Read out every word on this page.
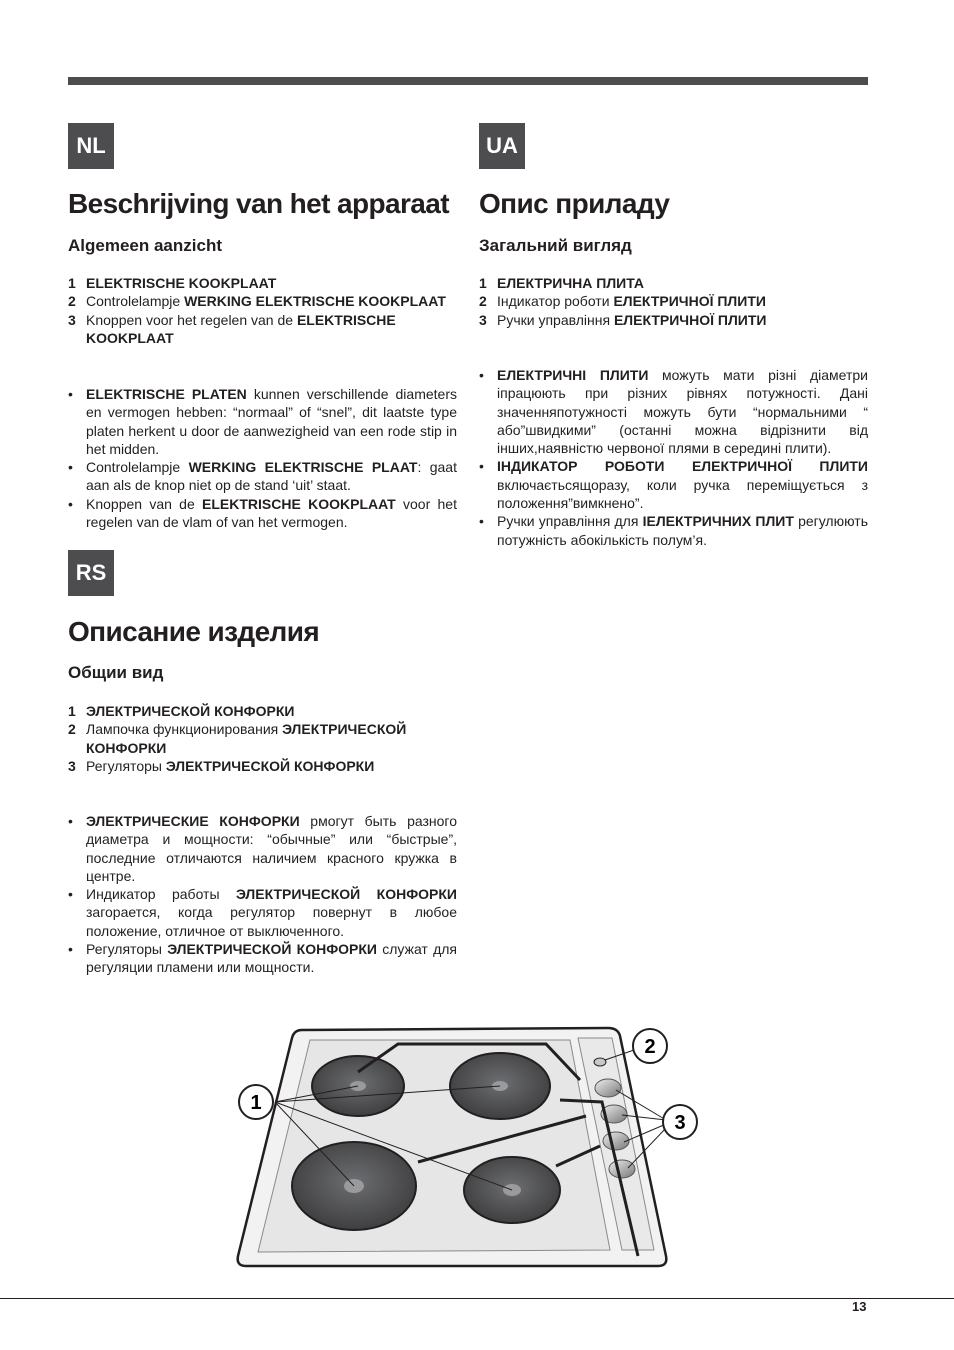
NL
Beschrijving van het apparaat
Algemeen aanzicht
1 ELEKTRISCHE KOOKPLAAT
2 Controlelampje WERKING ELEKTRISCHE KOOKPLAAT
3 Knoppen voor het regelen van de ELEKTRISCHE KOOKPLAAT
• ELEKTRISCHE PLATEN kunnen verschillende diameters en vermogen hebben: “normaal” of “snel”, dit laatste type platen herkent u door de aanwezigheid van een rode stip in het midden.
• Controlelampje WERKING ELEKTRISCHE PLAAT: gaat aan als de knop niet op de stand ‘uit’ staat.
• Knoppen van de ELEKTRISCHE KOOKPLAAT voor het regelen van de vlam of van het vermogen.
RS
Описание изделия
Общии вид
1 ЭЛЕКТРИЧЕСКОЙ КОНФОРКИ
2 Лампочка функционирования ЭЛЕКТРИЧЕСКОЙ КОНФОРКИ
3 Регуляторы ЭЛЕКТРИЧЕСКОЙ КОНФОРКИ
• ЭЛЕКТРИЧЕСКИЕ КОНФОРКИ рмогут быть разного диаметра и мощности: “обычные” или “быстрые”, последние отличаются наличием красного кружка в центре.
• Индикатор работы ЭЛЕКТРИЧЕСКОЙ КОНФОРКИ загорается, когда регулятор повернут в любое положение, отличное от выключенного.
• Регуляторы ЭЛЕКТРИЧЕСКОЙ КОНФОРКИ служат для регуляции пламени или мощности.
UA
Опис приладу
Загальний вигляд
1 ЕЛЕКТРИЧНА ПЛИТА
2 Індикатор роботи ЕЛЕКТРИЧНОЇ ПЛИТИ
3 Ручки управління ЕЛЕКТРИЧНОЇ ПЛИТИ
• ЕЛЕКТРИЧНІ ПЛИТИ можуть мати різні діаметри іпрацюють при різних рівнях потужності. Дані значенняпотужності можуть бути “нормальними “ або”швидкими” (останні можна відрізнити від інших,наявністю червоної плями в середині плити).
• ІНДИКАТОР РОБОТИ ЕЛЕКТРИЧНОЇ ПЛИТИ включаєтьсящоразу, коли ручка переміщується з положення”вимкнено”.
• Ручки управління для ІЕЛЕКТРИЧНИХ ПЛИТ регулюють потужність абокількість полум’я.
1
2
3
13
